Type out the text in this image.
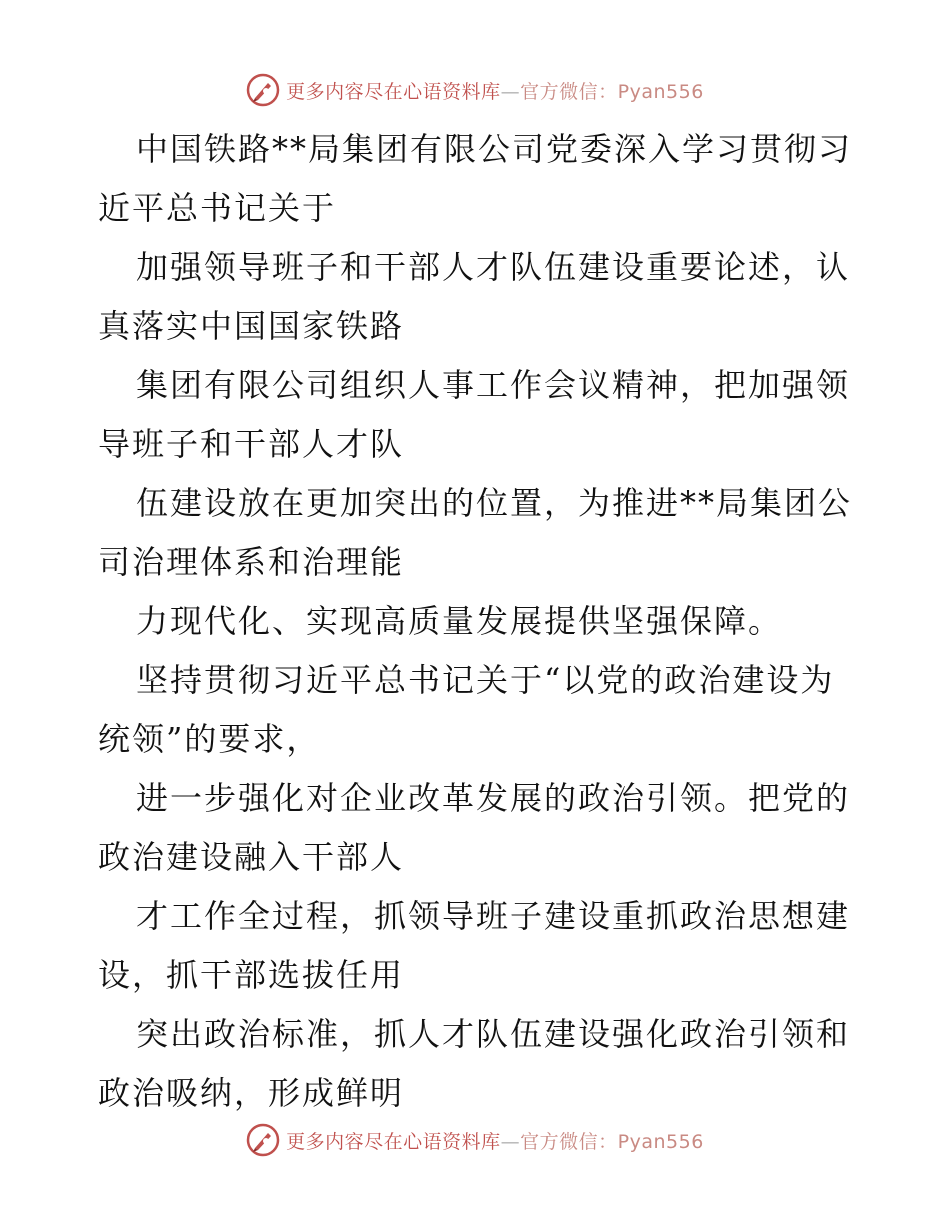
更多内容尽在心语资料库—官方微信：Pyan556
中国铁路**局集团有限公司党委深入学习贯彻习
近平总书记关于
加强领导班子和干部人才队伍建设重要论述，认
真落实中国国家铁路
集团有限公司组织人事工作会议精神，把加强领
导班子和干部人才队
伍建设放在更加突出的位置，为推进**局集团公
司治理体系和治理能
力现代化、实现高质量发展提供坚强保障。
坚持贯彻习近平总书记关于“以党的政治建设为
统领”的要求，
进一步强化对企业改革发展的政治引领。把党的
政治建设融入干部人
才工作全过程，抓领导班子建设重抓政治思想建
设，抓干部选拔任用
突出政治标准，抓人才队伍建设强化政治引领和
政治吸纳，形成鲜明
更多内容尽在心语资料库—官方微信：Pyan556
